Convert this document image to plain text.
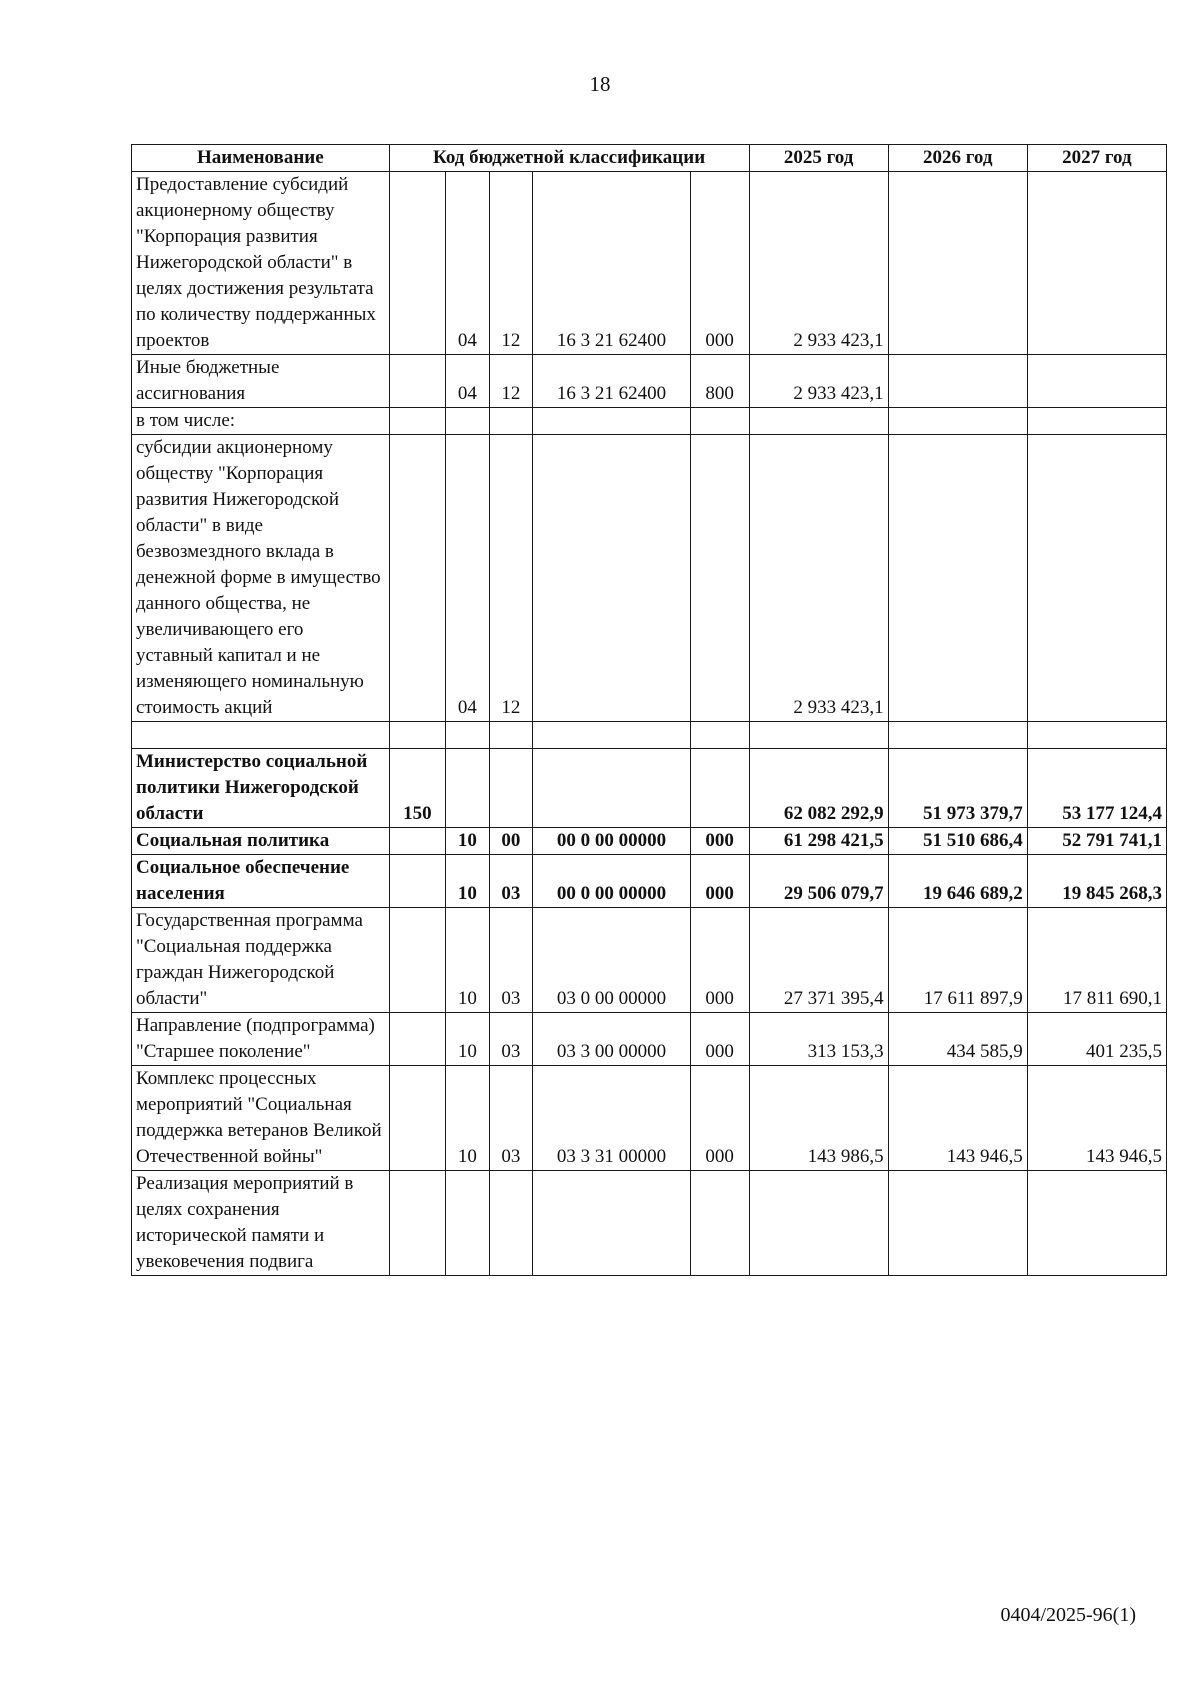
18
Наименование	Код бюджетной классификации					2025 год	2026 год	2027 год
Предоставление субсидий акционерному обществу "Корпорация развития Нижегородской области" в целях достижения результата по количеству поддержанных проектов		04	12	16 3 21 62400	000	2 933 423,1		
Иные бюджетные ассигнования		04	12	16 3 21 62400	800	2 933 423,1		
в том числе:								
субсидии акционерному обществу "Корпорация развития Нижегородской области" в виде безвозмездного вклада в денежной форме в имущество данного общества, не увеличивающего его уставный капитал и не изменяющего номинальную стоимость акций		04	12			2 933 423,1		

Министерство социальной политики Нижегородской области	150					62 082 292,9	51 973 379,7	53 177 124,4
Социальная политика		10	00	00 0 00 00000	000	61 298 421,5	51 510 686,4	52 791 741,1
Социальное обеспечение населения		10	03	00 0 00 00000	000	29 506 079,7	19 646 689,2	19 845 268,3
Государственная программа "Социальная поддержка граждан Нижегородской области"		10	03	03 0 00 00000	000	27 371 395,4	17 611 897,9	17 811 690,1
Направление (подпрограмма) "Старшее поколение"		10	03	03 3 00 00000	000	313 153,3	434 585,9	401 235,5
Комплекс процессных мероприятий "Социальная поддержка ветеранов Великой Отечественной войны"		10	03	03 3 31 00000	000	143 986,5	143 946,5	143 946,5
Реализация мероприятий в целях сохранения исторической памяти и увековечения подвига								
0404/2025-96(1)
